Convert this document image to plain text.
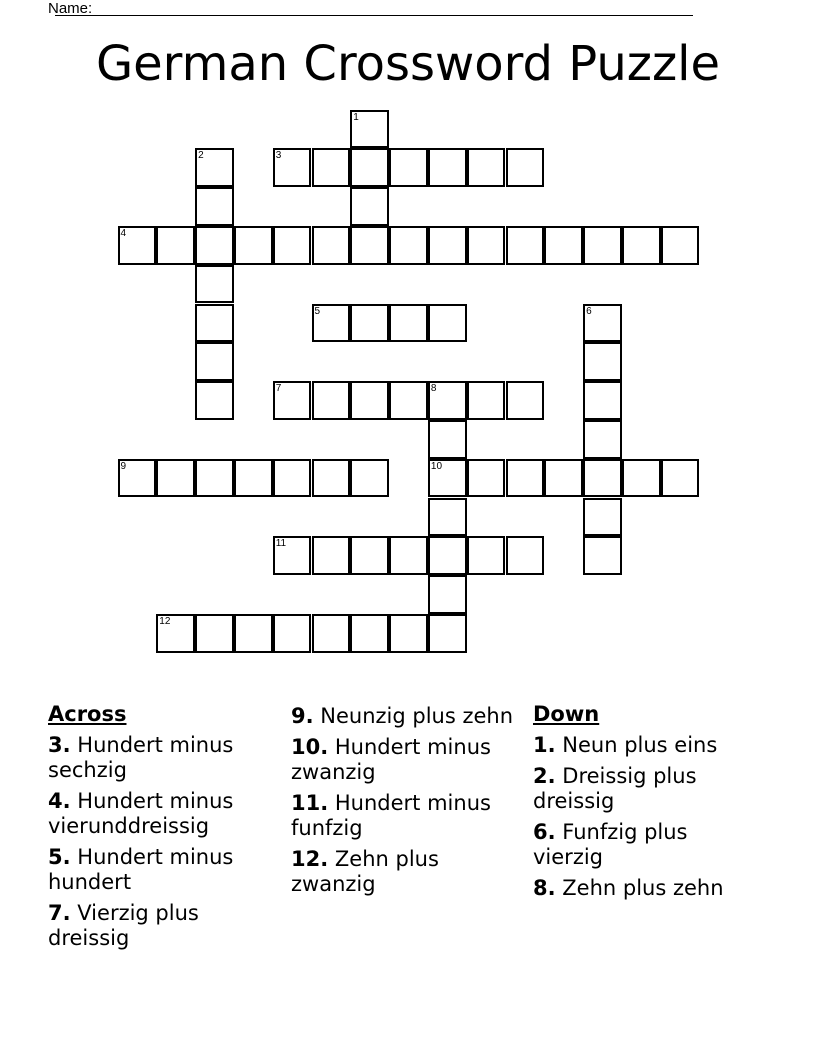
Name:
German Crossword Puzzle
1
2	3
4
5	6
7	8
10
9
11
12
Across
3. Hundert minus sechzig
4. Hundert minus vierunddreissig
5. Hundert minus hundert
7. Vierzig plus dreissig
9. Neunzig plus zehn
10. Hundert minus zwanzig
11. Hundert minus funfzig
12. Zehn plus zwanzig
Down
1. Neun plus eins
2. Dreissig plus dreissig
6. Funfzig plus vierzig
8. Zehn plus zehn
